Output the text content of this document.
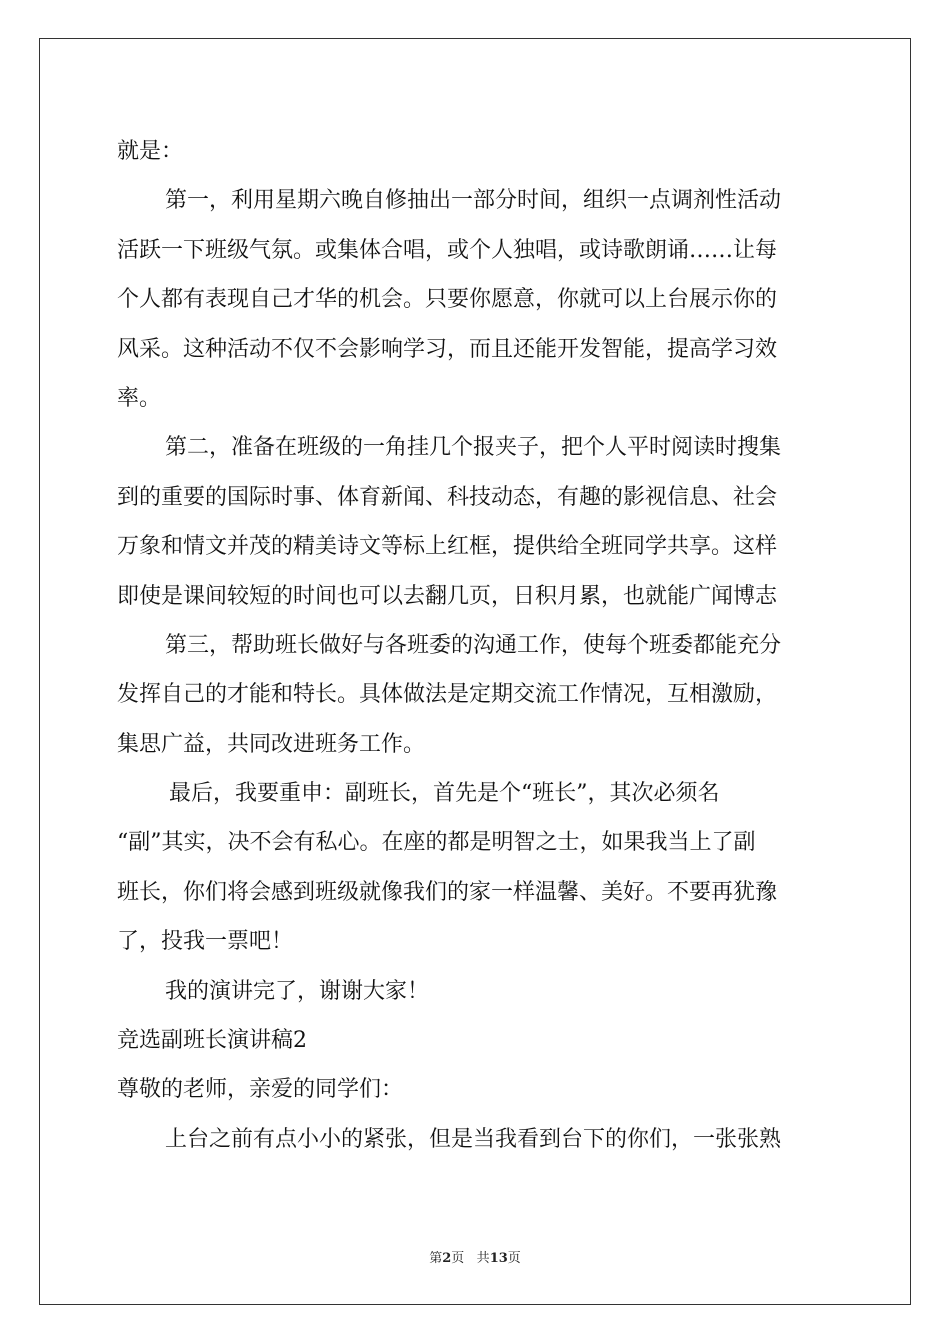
就是：
第一，利用星期六晚自修抽出一部分时间，组织一点调剂性活动
活跃一下班级气氛。或集体合唱，或个人独唱，或诗歌朗诵……让每
个人都有表现自己才华的机会。只要你愿意，你就可以上台展示你的
风采。这种活动不仅不会影响学习，而且还能开发智能，提高学习效
率。
第二，准备在班级的一角挂几个报夹子，把个人平时阅读时搜集
到的重要的国际时事、体育新闻、科技动态，有趣的影视信息、社会
万象和情文并茂的精美诗文等标上红框，提供给全班同学共享。这样
即使是课间较短的时间也可以去翻几页，日积月累，也就能广闻博志
第三，帮助班长做好与各班委的沟通工作，使每个班委都能充分
发挥自己的才能和特长。具体做法是定期交流工作情况，互相激励，
集思广益，共同改进班务工作。
最后，我要重申：副班长，首先是个“班长”，其次必须名
“副”其实，决不会有私心。在座的都是明智之士，如果我当上了副
班长，你们将会感到班级就像我们的家一样温馨、美好。不要再犹豫
了，投我一票吧！
我的演讲完了，谢谢大家！
竞选副班长演讲稿2
尊敬的老师，亲爱的同学们：
上台之前有点小小的紧张，但是当我看到台下的你们，一张张熟
第2页 共13页
